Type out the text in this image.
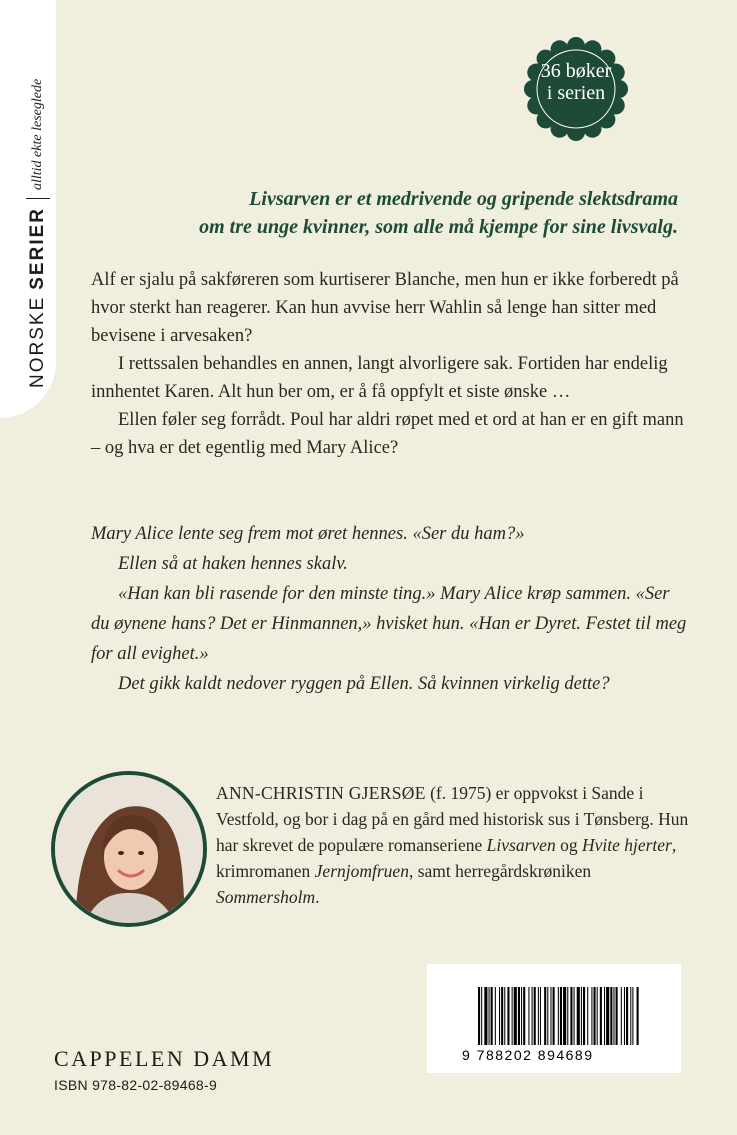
NORSKE
SERIER
alltid ekte leseglede
36 bøker
i serien
Livsarven er et medrivende og gripende slektsdrama
om tre unge kvinner, som alle må kjempe for sine livsvalg.

Alf er sjalu på sakføreren som kurtiserer Blanche, men hun er ikke forberedt på hvor sterkt han reagerer. Kan hun avvise herr Wahlin så lenge han sitter med bevisene i arvesaken?

I rettssalen behandles en annen, langt alvorligere sak. Fortiden har endelig innhentet Karen. Alt hun ber om, er å få oppfylt et siste ønske …

Ellen føler seg forrådt. Poul har aldri røpet med et ord at han er en gift mann – og hva er det egentlig med Mary Alice?

Mary Alice lente seg frem mot øret hennes. «Ser du ham?»

Ellen så at haken hennes skalv.

«Han kan bli rasende for den minste ting.» Mary Alice krøp sammen. «Ser du øynene hans? Det er Hinmannen,» hvisket hun. «Han er Dyret. Festet til meg for all evighet.»

Det gikk kaldt nedover ryggen på Ellen. Så kvinnen virkelig dette?

ANN-CHRISTIN GJERSØE (f. 1975) er oppvokst i Sande i Vestfold, og bor i dag på en gård med historisk sus i Tønsberg. Hun har skrevet de populære romanseriene Livsarven og Hvite hjerter, krimromanen Jernjomfruen, samt herregårdskrøniken Sommersholm.
9 788202 894689
CAPPELEN DAMM
ISBN 978-82-02-89468-9
